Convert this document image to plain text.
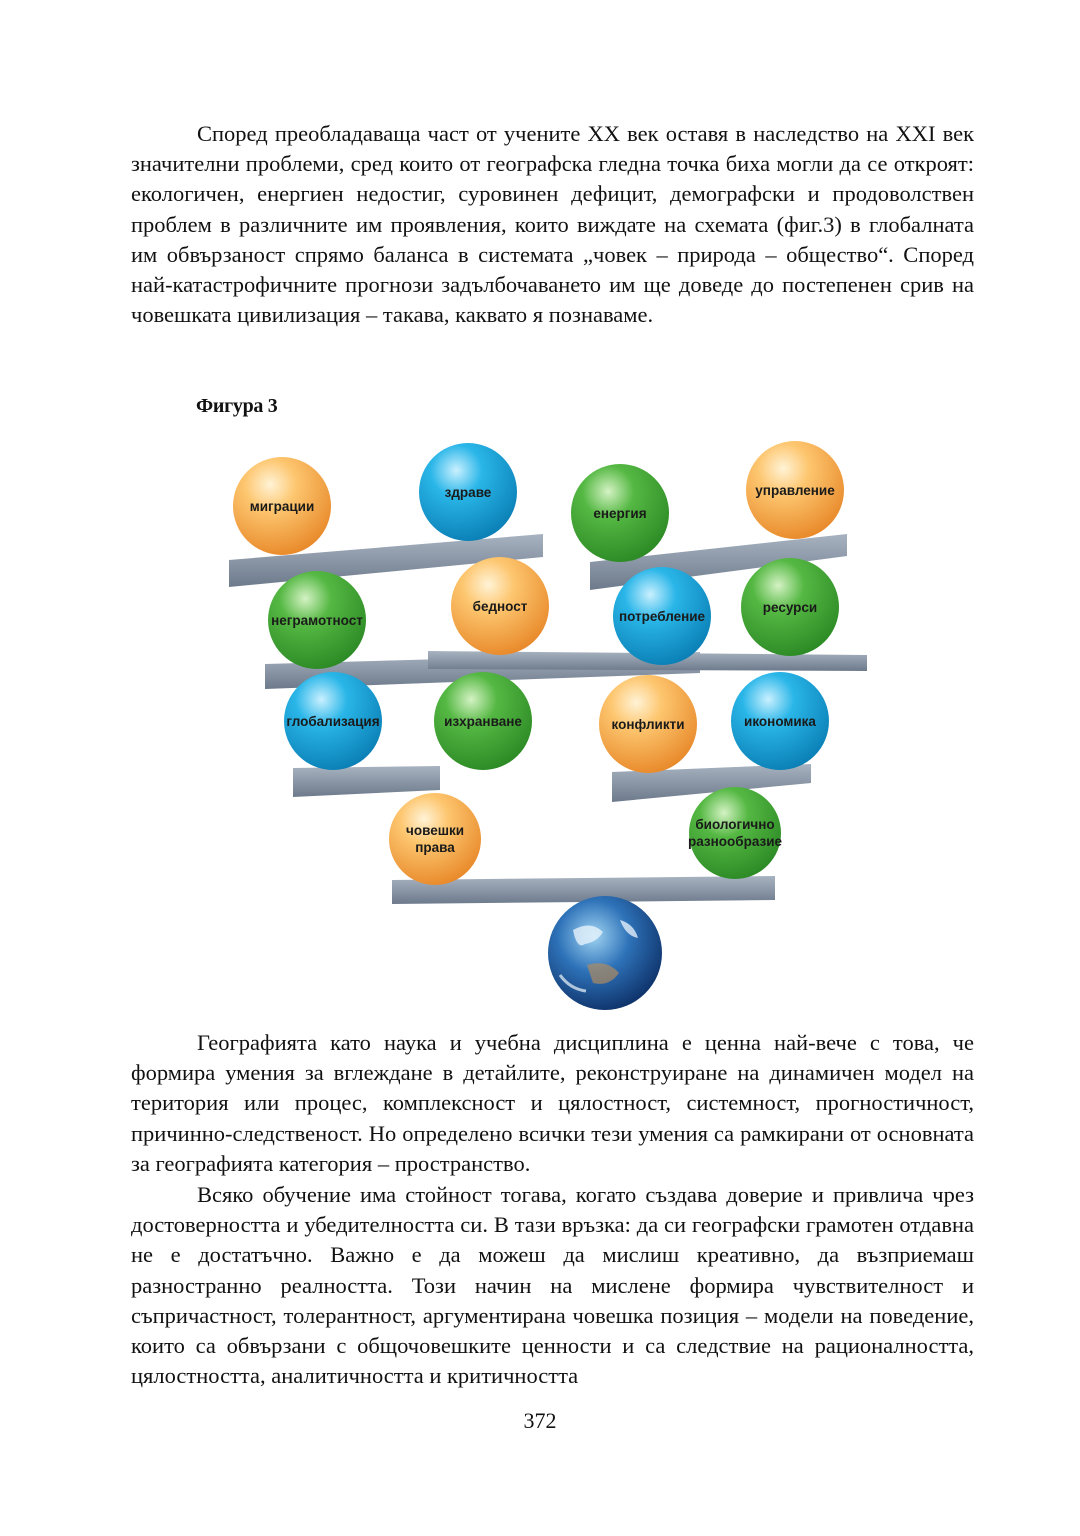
Според преобладаваща част от учените XX век оставя в наследство на XXI век значителни проблеми, сред които от географска гледна точка биха могли да се откроят: екологичен, енергиен недостиг, суровинен дефицит, демографски и продоволствен проблем в различните им проявления, които виждате на схемата (фиг.3) в глобалната им обвързаност спрямо баланса в системата „човек – природа – общество“. Според най-катастрофичните прогнози задълбочаването им ще доведе до постепенен срив на човешката цивилизация – такава, каквато я познаваме.

Фигура 3
миграции
здраве
енергия
управление
неграмотност
бедност
потребление
ресурси
глобализация	изхранване	конфликти	икономика
човешки
права
биологично
разнообразие

Географията като наука и учебна дисциплина е ценна най-вече с това, че формира умения за вглеждане в детайлите, реконструиране на динамичен модел на територия или процес, комплексност и цялостност, системност, прогностичност, причинно-следственост. Но определено всички тези умения са рамкирани от основната за географията категория – пространство.

Всяко обучение има стойност тогава, когато създава доверие и привлича чрез достоверността и убедителността си. В тази връзка: да си географски грамотен отдавна не е достатъчно. Важно е да можеш да мислиш креативно, да възприемаш разностранно реалността. Този начин на мислене формира чувствителност и съпричастност, толерантност, аргументирана човешка позиция – модели на поведение, които са обвързани с общочовешките ценности и са следствие на рационалността, цялостността, аналитичността и критичността

372
